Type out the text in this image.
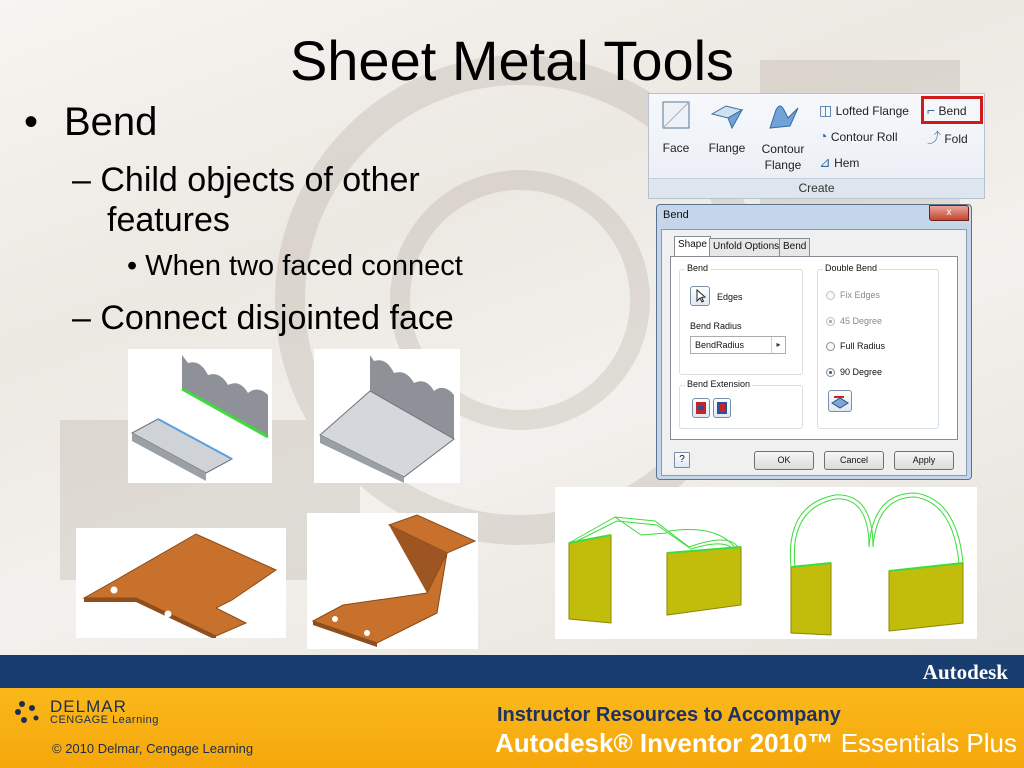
Sheet Metal Tools
• Bend
– Child objects of other
features
• When two faced connect
– Connect disjointed face
Face	Flange	Contour
Flange
◫ Lofted Flange
◔ Contour Roll
⊿ Hem
⌐ Bend
⤴ Fold
Create
Bend	x
Shape Unfold Options Bend
Bend
Edges
Bend Radius
BendRadius	▸
Bend Extension
Double Bend
Fix Edges
45 Degree
Full Radius
90 Degree
?	OK	Cancel	Apply
Autodesk
DELMAR
CENGAGE Learning
© 2010 Delmar, Cengage Learning
Instructor Resources to Accompany
Autodesk® Inventor 2010™ Essentials Plus
